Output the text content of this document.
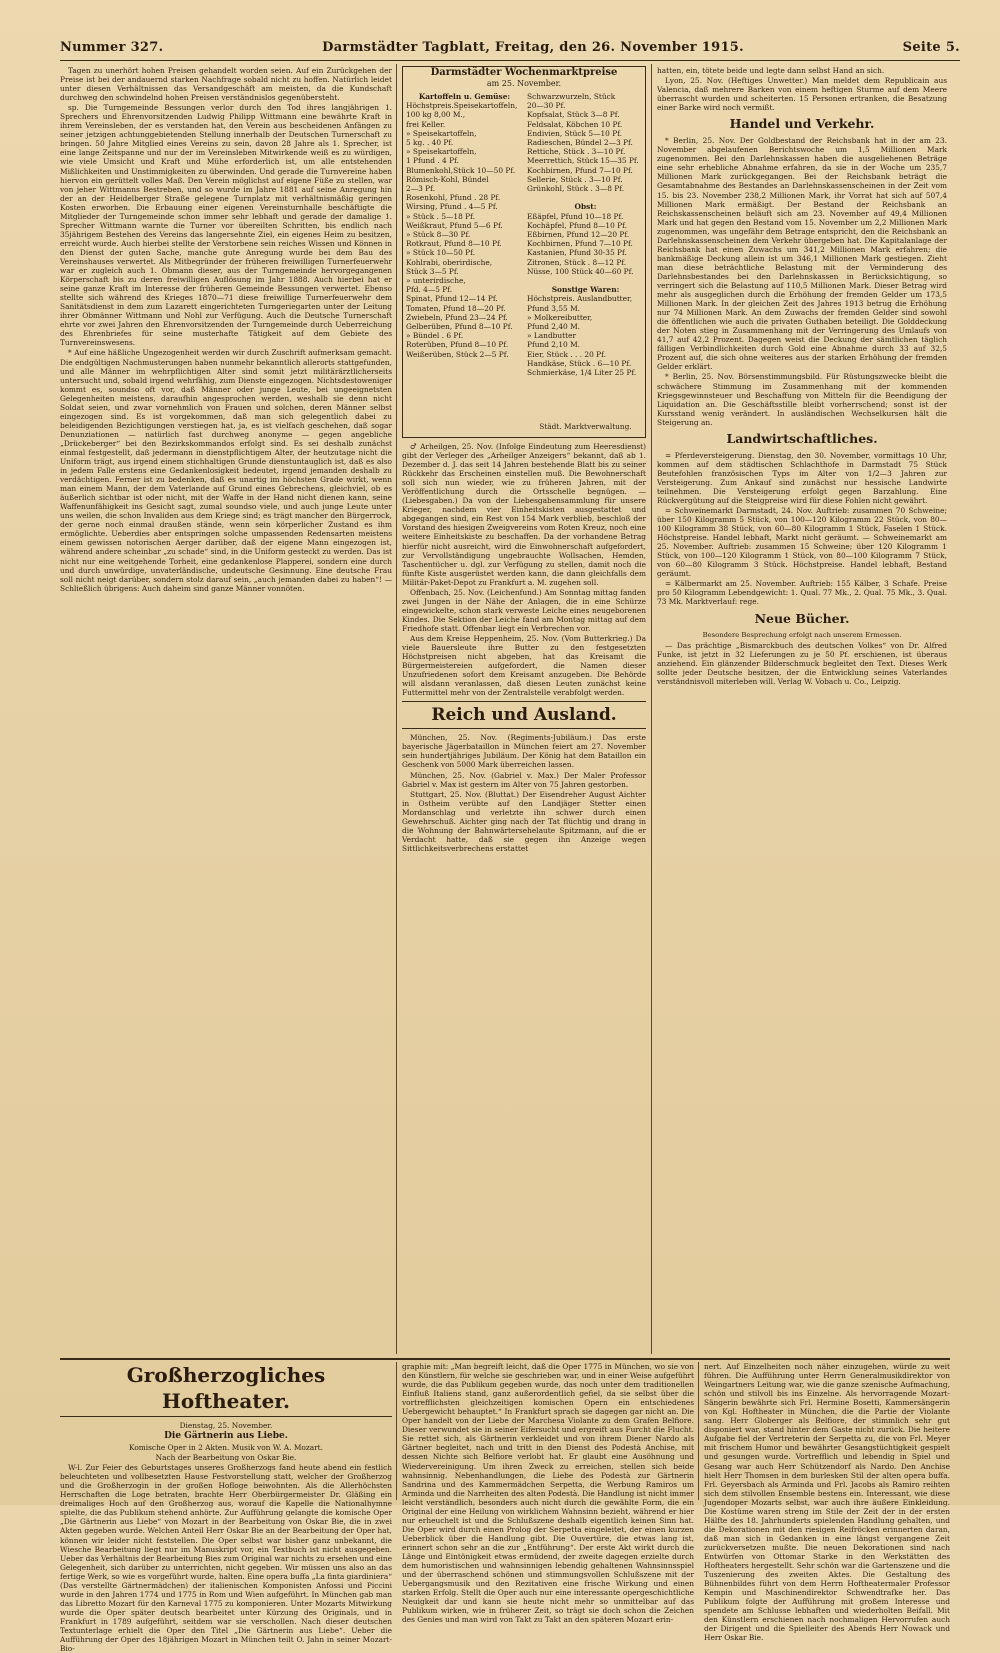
Nummer 327.	Darmstädter Tagblatt, Freitag, den 26. November 1915.	Seite 5.

Tagen zu unerhört hohen Preisen gehandelt worden seien. Auf ein Zurückgehen der Preise ist bei der andauernd starken Nachfrage sobald nicht zu hoffen. Natürlich leidet unter diesen Verhältnissen das Versandgeschäft am meisten, da die Kundschaft durchweg den schwindelnd hohen Preisen verständnislos gegenübersteht.

sp. Die Turngemeinde Bessungen verlor durch den Tod ihres langjährigen 1. Sprechers und Ehrenvorsitzenden Ludwig Philipp Wittmann eine bewährte Kraft in ihrem Vereinsleben, der es verstanden hat, den Verein aus bescheidenen Anfängen zu seiner jetzigen achtunggebietenden Stellung innerhalb der Deutschen Turnerschaft zu bringen. 50 Jahre Mitglied eines Vereins zu sein, davon 28 Jahre als 1. Sprecher, ist eine lange Zeitspanne und nur der im Vereinsleben Mitwirkende weiß es zu würdigen, wie viele Umsicht und Kraft und Mühe erforderlich ist, um alle entstehenden Mißlichkeiten und Unstimmigkeiten zu überwinden. Und gerade die Turnvereine haben hiervon ein gerüttelt volles Maß. Den Verein möglichst auf eigene Füße zu stellen, war von jeher Wittmanns Bestreben, und so wurde im Jahre 1881 auf seine Anregung hin der an der Heidelberger Straße gelegene Turnplatz mit verhältnismäßig geringen Kosten erworben. Die Erbauung einer eigenen Vereinsturnhalle beschäftigte die Mitglieder der Turngemeinde schon immer sehr lebhaft und gerade der damalige 1. Sprecher Wittmann warnte die Turner vor übereilten Schritten, bis endlich nach 35jährigem Bestehen des Vereins das langersehnte Ziel, ein eigenes Heim zu besitzen, erreicht wurde. Auch hierbei stellte der Verstorbene sein reiches Wissen und Können in den Dienst der guten Sache, manche gute Anregung wurde bei dem Bau des Vereinshauses verwertet. Als Mitbegründer der früheren freiwilligen Turnerfeuerwehr war er zugleich auch 1. Obmann dieser, aus der Turngemeinde hervorgegangenen Körperschaft bis zu deren freiwilligen Auflösung im Jahr 1888. Auch hierbei hat er seine ganze Kraft im Interesse der früheren Gemeinde Bessungen verwertet. Ebenso stellte sich während des Krieges 1870—71 diese freiwillige Turnerfeuerwehr dem Sanitätsdienst in dem zum Lazarett eingerichteten Turngeriegarten unter der Leitung ihrer Obmänner Wittmann und Nohl zur Verfügung. Auch die Deutsche Turnerschaft ehrte vor zwei Jahren den Ehrenvorsitzenden der Turngemeinde durch Ueberreichung des Ehrenbriefes für seine musterhafte Tätigkeit auf dem Gebiete des Turnvereinswesens.

* Auf eine häßliche Ungezogenheit werden wir durch Zuschrift aufmerksam gemacht. Die endgültigen Nachmusterungen haben nunmehr bekanntlich allerorts stattgefunden, und alle Männer im wehrpflichtigen Alter sind somit jetzt militärärztlicherseits untersucht und, sobald irgend wehrfähig, zum Dienste eingezogen. Nichtsdestoweniger kommt es, soundso oft vor, daß Männer oder junge Leute, bei ungeeignetsten Gelegenheiten meistens, daraufhin angesprochen werden, weshalb sie denn nicht Soldat seien, und zwar vornehmlich von Frauen und solchen, deren Männer selbst eingezogen sind. Es ist vorgekommen, daß man sich gelegentlich dabei zu beleidigenden Bezichtigungen verstiegen hat, ja, es ist vielfach geschehen, daß sogar Denunziationen — natürlich fast durchweg anonyme — gegen angebliche „Drückeberger“ bei den Bezirkskommandos erfolgt sind. Es sei deshalb zunächst einmal festgestellt, daß jedermann in dienstpflichtigem Alter, der heutzutage nicht die Uniform trägt, aus irgend einem stichhaltigen Grunde dienstuntauglich ist, daß es also in jedem Falle erstens eine Gedankenlosigkeit bedeutet, irgend jemanden deshalb zu verdächtigen. Ferner ist zu bedenken, daß es unartig im höchsten Grade wirkt, wenn man einem Mann, der dem Vaterlande auf Grund eines Gebrechens, gleichviel, ob es äußerlich sichtbar ist oder nicht, mit der Waffe in der Hand nicht dienen kann, seine Waffenunfähigkeit ins Gesicht sagt, zumal soundso viele, und auch junge Leute unter uns weilen, die schon Invaliden aus dem Kriege sind; es trägt mancher den Bürgerrock, der gerne noch einmal draußen stände, wenn sein körperlicher Zustand es ihm ermöglichte. Ueberdies aber entspringen solche umpassenden Redensarten meistens einem gewissen notorischen Aerger darüber, daß der eigene Mann eingezogen ist, während andere scheinbar „zu schade“ sind, in die Uniform gesteckt zu werden. Das ist nicht nur eine weitgehende Torheit, eine gedankenlose Plapperei, sondern eine durch und durch unwürdige, unvaterländische, undeutsche Gesinnung. Eine deutsche Frau soll nicht neigt darüber, sondern stolz darauf sein, „auch jemanden dabei zu haben“! — Schließlich übrigens: Auch daheim sind ganze Männer vonnöten.

Darmstädter Wochenmarktpreise
am 25. November.
Kartoffeln u. Gemüse:
Höchstpreis.Speisekartoffeln,
100 kg 8,00 M.,
frei Keller.
» Speisekartoffeln,
5 kg. . 40 Pf.
» Speisekartoffeln,
1 Pfund . 4 Pf.
Blumenkohl,Stück 10—50 Pf.
Römisch-Kohl, Bündel
2—3 Pf.
Rosenkohl, Pfund . 28 Pf.
Wirsing, Pfund . 4—5 Pf.
» Stück . 5—18 Pf.
Weißkraut, Pfund 5—6 Pf.
» Stück 8—30 Pf.
Rotkraut, Pfund 8—10 Pf.
» Stück 10—50 Pf.
Kohlrabi, oberirdische,
Stück 3—5 Pf.
» unterirdische,
Pfd. 4—5 Pf.
Spinat, Pfund 12—14 Pf.
Tomaten, Pfund 18—20 Pf.
Zwiebeln, Pfund 23—24 Pf.
Gelberüben, Pfund 8—10 Pf.
» Bündel . 6 Pf.
Roterüben, Pfund 8—10 Pf.
Weißerüben, Stück 2—5 Pf.
Schwarzwurzeln, Stück
20—30 Pf.
Kopfsalat, Stück 3—8 Pf.
Feldsalat, Köbchen 10 Pf.
Endivien, Stück 5—10 Pf.
Radieschen, Bündel 2—3 Pf.
Rettiche, Stück . 3—10 Pf.
Meerrettich, Stück 15—35 Pf.
Kochbirnen, Pfund 7—10 Pf.
Sellerie, Stück . 3—10 Pf.
Grünkohl, Stück . 3—8 Pf.

Obst:
Eßäpfel, Pfund 10—18 Pf.
Kochäpfel, Pfund 8—10 Pf.
Eßbirnen, Pfund 12—20 Pf.
Kochbirnen, Pfund 7—10 Pf.
Kastanien, Pfund 30-35 Pf.
Zitronen, Stück . 8—12 Pf.
Nüsse, 100 Stück 40—60 Pf.

Sonstige Waren:
Höchstpreis. Auslandbutter,
Pfund 3,55 M.
» Molkereibutter,
Pfund 2,40 M.
» Landbutter
Pfund 2,10 M.
Eier, Stück . . . 20 Pf.
Handkäse, Stück . 6—10 Pf.
Schmierkäse, 1/4 Liter 25 Pf.
Städt. Marktverwaltung.

♂ Arheilgen, 25. Nov. (Infolge Eindeutung zum Heeresdienst) gibt der Verleger des „Arheilger Anzeigers“ bekannt, daß ab 1. Dezember d. J. das seit 14 Jahren bestehende Blatt bis zu seiner Rückkehr das Erscheinen einstellen muß. Die Bewohnerschaft soll sich nun wieder, wie zu früheren Jahren, mit der Veröffentlichung durch die Ortsschelle begnügen. — (Liebesgaben.) Da von der Liebesgabensammlung für unsere Krieger, nachdem vier Einheitskisten ausgestattet und abgegangen sind, ein Rest von 154 Mark verblieb, beschloß der Vorstand des hiesigen Zweigvereins vom Roten Kreuz, noch eine weitere Einheitskiste zu beschaffen. Da der vorhandene Betrag hierfür nicht ausreicht, wird die Einwohnerschaft aufgefordert, zur Vervollständigung ungebrauchte Wollsachen, Hemden, Taschentücher u. dgl. zur Verfügung zu stellen, damit noch die fünfte Kiste ausgerüstet werden kann, die dann gleichfalls dem Militär-Paket-Depot zu Frankfurt a. M. zugehen soll.

Offenbach, 25. Nov. (Leichenfund.) Am Sonntag mittag fanden zwei Jungen in der Nähe der Anlagen, die in eine Schürze eingewickelte, schon stark verweste Leiche eines neugeborenen Kindes. Die Sektion der Leiche fand am Montag mittag auf dem Friedhofe statt. Offenbar liegt ein Verbrechen vor.

Aus dem Kreise Heppenheim, 25. Nov. (Vom Butterkrieg.) Da viele Bauersleute ihre Butter zu den festgesetzten Höchstpreisen nicht abgeben, hat das Kreisamt die Bürgermeistereien aufgefordert, die Namen dieser Unzufriedenen sofort dem Kreisamt anzugeben. Die Behörde will alsdann veranlassen, daß diesen Leuten zunächst keine Futtermittel mehr von der Zentralstelle verabfolgt werden.

Reich und Ausland.

München, 25. Nov. (Regiments-Jubiläum.) Das erste bayerische Jägerbataillon in München feiert am 27. November sein hundertjähriges Jubiläum. Der König hat dem Bataillon ein Geschenk von 5000 Mark überreichen lassen.

München, 25. Nov. (Gabriel v. Max.) Der Maler Professor Gabriel v. Max ist gestern im Alter von 75 Jahren gestorben.

Stuttgart, 25. Nov. (Bluttat.) Der Eisendreher August Aichter in Ostheim verübte auf den Landjäger Stetter einen Mordanschlag und verletzte ihn schwer durch einen Gewehrschuß. Aichter ging nach der Tat flüchtig und drang in die Wohnung der Bahnwärtersehelaute Spitzmann, auf die er Verdacht hatte, daß sie gegen ihn Anzeige wegen Sittlichkeitsverbrechens erstattet

hatten, ein, tötete beide und legte dann selbst Hand an sich.

Lyon, 25. Nov. (Heftiges Unwetter.) Man meldet dem Republicain aus Valencia, daß mehrere Barken von einem heftigen Sturme auf dem Meere überrascht wurden und scheiterten. 15 Personen ertranken, die Besatzung einer Barke wird noch vermißt.

Handel und Verkehr.

* Berlin, 25. Nov. Der Goldbestand der Reichsbank hat in der am 23. November abgelaufenen Berichtswoche um 1,5 Millionen Mark zugenommen. Bei den Darlehnskassen haben die ausgeliehenen Beträge eine sehr erhebliche Abnahme erfahren, da sie in der Woche um 235,7 Millionen Mark zurückgegangen. Bei der Reichsbank beträgt die Gesamtabnahme des Bestandes an Darlehnskassenscheinen in der Zeit vom 15. bis 23. November 238,2 Millionen Mark, ihr Vorrat hat sich auf 507,4 Millionen Mark ermäßigt. Der Bestand der Reichsbank an Reichskassenscheinen beläuft sich am 23. November auf 49,4 Millionen Mark und hat gegen den Bestand vom 15. November um 2,2 Millionen Mark zugenommen, was ungefähr dem Betrage entspricht, den die Reichsbank an Darlehnskassenscheinen dem Verkehr übergeben hat. Die Kapitalanlage der Reichsbank hat einen Zuwachs um 341,2 Millionen Mark erfahren; die bankmäßige Deckung allein ist um 346,1 Millionen Mark gestiegen. Zieht man diese beträchtliche Belastung mit der Verminderung des Darlehnsbestandes bei den Darlehnskassen in Berücksichtigung, so verringert sich die Belastung auf 110,5 Millionen Mark. Dieser Betrag wird mehr als ausgeglichen durch die Erhöhung der fremden Gelder um 173,5 Millionen Mark. In der gleichen Zeit des Jahres 1913 betrug die Erhöhung nur 74 Millionen Mark. An dem Zuwachs der fremden Gelder sind sowohl die öffentlichen wie auch die privaten Guthaben beteiligt. Die Golddeckung der Noten stieg in Zusammenhang mit der Verringerung des Umlaufs von 41,7 auf 42,2 Prozent. Dagegen weist die Deckung der sämtlichen täglich fälligen Verbindlichkeiten durch Gold eine Abnahme durch 33 auf 32,5 Prozent auf, die sich ohne weiteres aus der starken Erhöhung der fremden Gelder erklärt.

* Berlin, 25. Nov. Börsenstimmungsbild. Für Rüstungszwecke bleibt die schwächere Stimmung im Zusammenhang mit der kommenden Kriegsgewinnsteuer und Beschaffung von Mitteln für die Beendigung der Liquidation an. Die Geschäftsstille bleibt vorherrschend; sonst ist der Kursstand wenig verändert. In ausländischen Wechselkursen hält die Steigerung an.

Landwirtschaftliches.

= Pferdeversteigerung. Dienstag, den 30. November, vormittags 10 Uhr, kommen auf dem städtischen Schlachthofe in Darmstadt 75 Stück Beutefohlen französischen Typs im Alter von 1/2—3 Jahren zur Versteigerung. Zum Ankauf sind zunächst nur hessische Landwirte teilnehmen. Die Versteigerung erfolgt gegen Barzahlung. Eine Rückvergütung auf die Steigpreise wird für diese Fohlen nicht gewährt.

= Schweinemarkt Darmstadt, 24. Nov. Auftrieb: zusammen 70 Schweine; über 150 Kilogramm 5 Stück, von 100—120 Kilogramm 22 Stück, von 80—100 Kilogramm 38 Stück, von 60—80 Kilogramm 1 Stück, Faselen 1 Stück. Höchstpreise. Handel lebhaft, Markt nicht geräumt. — Schweinemarkt am 25. November. Auftrieb: zusammen 15 Schweine; über 120 Kilogramm 1 Stück, von 100—120 Kilogramm 1 Stück, von 80—100 Kilogramm 7 Stück, von 60—80 Kilogramm 3 Stück. Höchstpreise. Handel lebhaft, Bestand geräumt.

= Kälbermarkt am 25. November. Auftrieb: 155 Kälber, 3 Schafe. Preise pro 50 Kilogramm Lebendgewicht: 1. Qual. 77 Mk., 2. Qual. 75 Mk., 3. Qual. 73 Mk. Marktverlauf: rege.

Neue Bücher.

Besondere Besprechung erfolgt nach unserem Ermessen.

— Das prächtige „Bismarckbuch des deutschen Volkes“ von Dr. Alfred Funke, ist jetzt in 32 Lieferungen zu je 50 Pf. erschienen, ist überaus anziehend. Ein glänzender Bilderschmuck begleitet den Text. Dieses Werk sollte jeder Deutsche besitzen, der die Entwicklung seines Vaterlandes verständnisvoll miterleben will. Verlag W. Vobach u. Co., Leipzig.

Großherzogliches Hoftheater.

Dienstag, 25. November.

Die Gärtnerin aus Liebe.

Komische Oper in 2 Akten. Musik von W. A. Mozart.

Nach der Bearbeitung von Oskar Bie.

W-l. Zur Feier des Geburtstages unseres Großherzogs fand heute abend ein festlich beleuchteten und vollbesetzten Hause Festvorstellung statt, welcher der Großherzog und die Großherzogin in der großen Hofloge beiwohnten. Als die Allerhöchsten Herrschaften die Loge betraten, brachte Herr Oberbürgermeister Dr. Gläßing ein dreimaliges Hoch auf den Großherzog aus, worauf die Kapelle die Nationalhymne spielte, die das Publikum stehend anhörte. Zur Aufführung gelangte die komische Oper „Die Gärtnerin aus Liebe“ von Mozart in der Bearbeitung von Oskar Bie, die in zwei Akten gegeben wurde. Welchen Anteil Herr Oskar Bie an der Bearbeitung der Oper hat, können wir leider nicht feststellen. Die Oper selbst war bisher ganz unbekannt, die Wiesche Bearbeitung liegt nur im Manuskript vor, ein Textbuch ist nicht ausgegeben. Ueber das Verhältnis der Bearbeitung Bies zum Original war nichts zu ersehen und eine Gelegenheit, sich darüber zu unterrichten, nicht gegeben. Wir müssen uns also an das fertige Werk, so wie es vorgeführt wurde, halten. Eine opera buffa „La finta giardiniera“ (Das verstellte Gärtnermädchen) der italienischen Komponisten Anfossi und Piccini wurde in den Jahren 1774 und 1775 in Rom und Wien aufgeführt. In München gab man das Libretto Mozart für den Karneval 1775 zu komponieren. Unter Mozarts Mitwirkung wurde die Oper später deutsch bearbeitet unter Kürzung des Originals, und in Frankfurt in 1789 aufgeführt, seitdem war sie verschollen. Nach dieser deutschen Textunterlage erhielt die Oper den Titel „Die Gärtnerin aus Liebe“. Ueber die Aufführung der Oper des 18jährigen Mozart in München teilt O. Jahn in seiner Mozart-Bio-

graphie mit: „Man begreift leicht, daß die Oper 1775 in München, wo sie von den Künstlern, für welche sie geschrieben war, und in einer Weise aufgeführt wurde, die das Publikum gegeben wurde, das noch unter dem traditionellen Einfluß Italiens stand, ganz außerordentlich gefiel, da sie selbst über die vortrefflichsten gleichzeitigen komischen Opern ein entschiedenes Uebergewicht behauptet.“ In Frankfurt sprach sie dagegen gar nicht an. Die Oper handelt von der Liebe der Marchesa Violante zu dem Grafen Belfiore. Dieser verwundet sie in seiner Eifersucht und ergreift aus Furcht die Flucht. Sie rettet sich, als Gärtnerin verkleidet und von ihrem Diener Nardo als Gärtner begleitet, nach und tritt in den Dienst des Podestà Anchise, mit dessen Nichte sich Belfiore verlobt hat. Er glaubt eine Ausöhnung und Wiedervereinigung. Um ihren Zweck zu erreichen, stellen sich beide wahnsinnig. Nebenhandlungen, die Liebe des Podestà zur Gärtnerin Sandrina und des Kammermädchen Serpetta, die Werbung Ramiros um Arminda und die Narrheiten des alten Podestà. Die Handlung ist nicht immer leicht verständlich, besonders auch nicht durch die gewählte Form, die ein Original der eine Heilung von wirklichem Wahnsinn bezieht, während er hier nur erheuchelt ist und die Schlußszene deshalb eigentlich keinen Sinn hat. Die Oper wird durch einen Prolog der Serpetta eingeleitet, der einen kurzen Ueberblick über die Handlung gibt. Die Ouvertüre, die etwas lang ist, erinnert schon sehr an die zur „Entführung“. Der erste Akt wirkt durch die Länge und Eintönigkeit etwas ermüdend, der zweite dagegen erzielte durch dem humoristischen und wahnsinnigen lebendig gehaltenen Wahnsinnsspiel und der überraschend schönen und stimmungsvollen Schlußszene mit der Uebergangsmusik und den Rezitativen eine frische Wirkung und einen starken Erfolg. Stellt die Oper auch nur eine interessante opergeschichtliche Neuigkeit dar und kann sie heute nicht mehr so unmittelbar auf das Publikum wirken, wie in früherer Zeit, so trägt sie doch schon die Zeichen des Genies und man wird von Takt zu Takt an den späteren Mozart erin-

nert. Auf Einzelheiten noch näher einzugehen, würde zu weit führen. Die Aufführung unter Herrn Generalmusikdirektor von Weingartners Leitung war, wie die ganze szenische Aufmachung, schön und stilvoll bis ins Einzelne. Als hervorragende Mozart-Sängerin bewährte sich Frl. Hermine Bosetti, Kammersängerin von Kgl. Hoftheater in München, die die Partie der Violante sang. Herr Globerger als Belfiore, der stimmlich sehr gut disponiert war, stand hinter dem Gaste nicht zurück. Die heitere Aufgabe fiel der Vertreterin der Serpetta zu, die von Frl. Meyer mit frischem Humor und bewährter Gesangstüchtigkeit gespielt und gesungen wurde. Vortrefflich und lebendig in Spiel und Gesang war auch Herr Schützendorf als Nardo. Den Anchise hielt Herr Thomsen in dem burlesken Stil der alten opera buffa. Frl. Geyersbach als Arminda und Frl. Jacobs als Ramiro reihten sich dem stilvollen Ensemble bestens ein. Interessant, wie diese Jugendoper Mozarts selbst, war auch ihre äußere Einkleidung. Die Kostüme waren streng im Stile der Zeit der in der ersten Hälfte des 18. Jahrhunderts spielenden Handlung gehalten, und die Dekorationen mit den riesigen Reifröcken erinnerten daran, daß man sich in Gedanken in eine längst vergangene Zeit zurückversetzen mußte. Die neuen Dekorationen sind nach Entwürfen von Ottomar Starke in den Werkstätten des Hoftheaters hergestellt. Sehr schön war die Gartenszene und die Tuszenierung des zweiten Aktes. Die Gestaltung des Bühnenbildes führt von dem Herrn Hoftheatermaler Professor Kempin und Maschinendirektor Schwendtrafke her. Das Publikum folgte der Aufführung mit großem Interesse und spendete am Schlusse lebhaften und wiederholten Beifall. Mit den Künstlern erschienen nach nochmaligen Hervorrufen auch der Dirigent und die Spielleiter des Abends Herr Nowack und Herr Oskar Bie.
